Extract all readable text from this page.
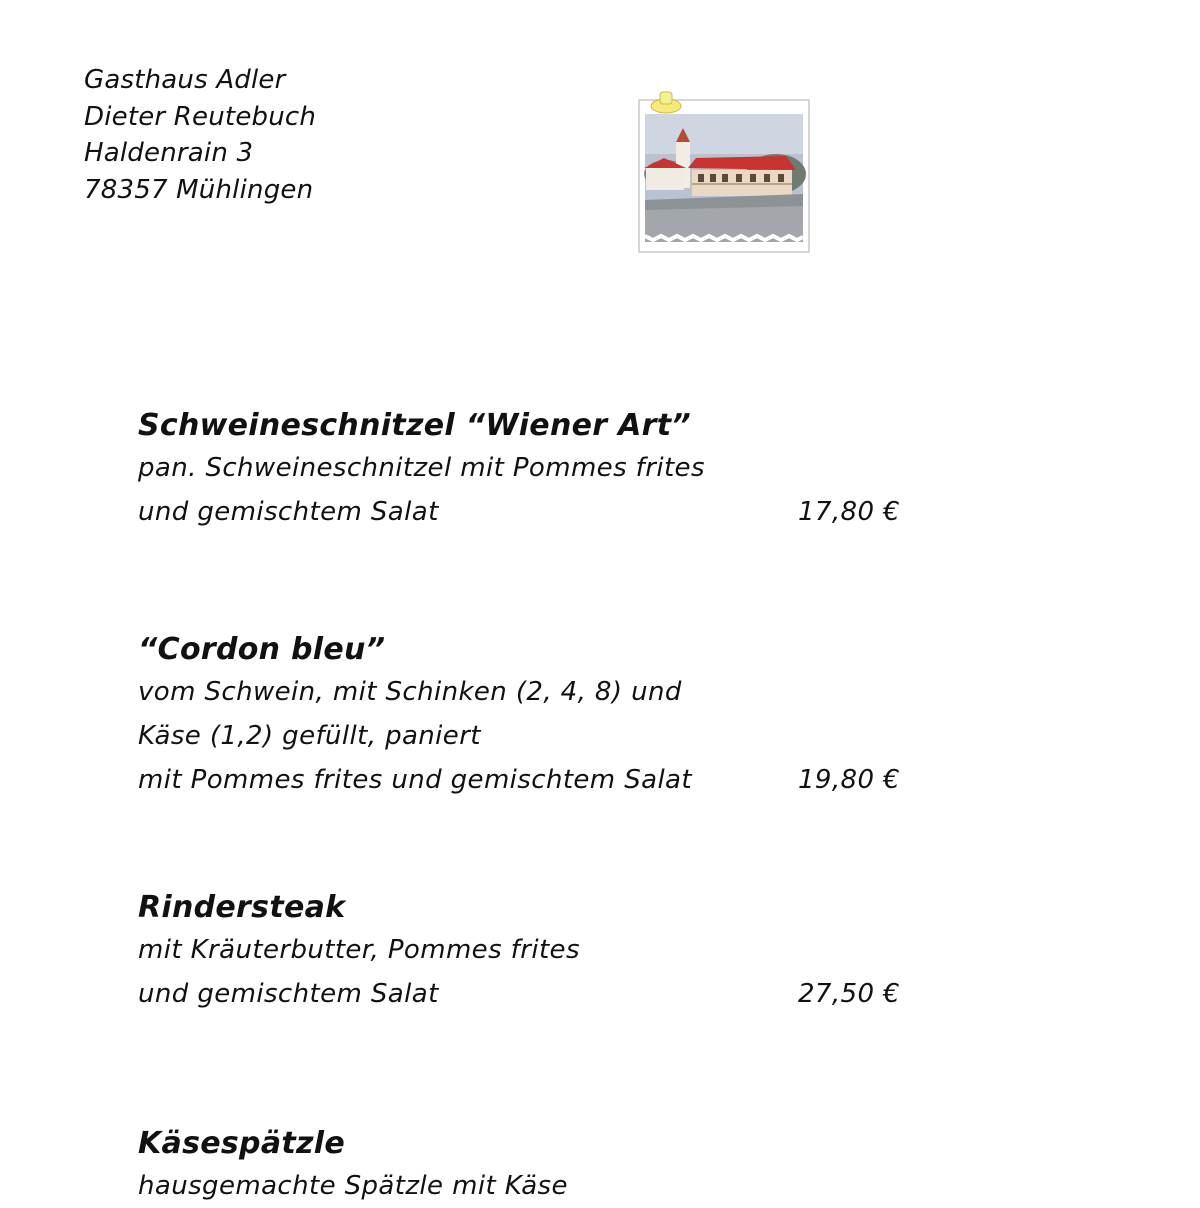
Gasthaus Adler
Dieter Reutebuch
Haldenrain 3
78357 Mühlingen
Schweineschnitzel “Wiener Art”
pan. Schweineschnitzel mit Pommes frites
und gemischtem Salat	17,80 €
“Cordon bleu”
vom Schwein, mit Schinken (2, 4, 8) und
Käse (1,2) gefüllt, paniert
mit Pommes frites und gemischtem Salat	19,80 €
Rindersteak
mit Kräuterbutter, Pommes frites
und gemischtem Salat	27,50 €
Käsespätzle
hausgemachte Spätzle mit Käse
